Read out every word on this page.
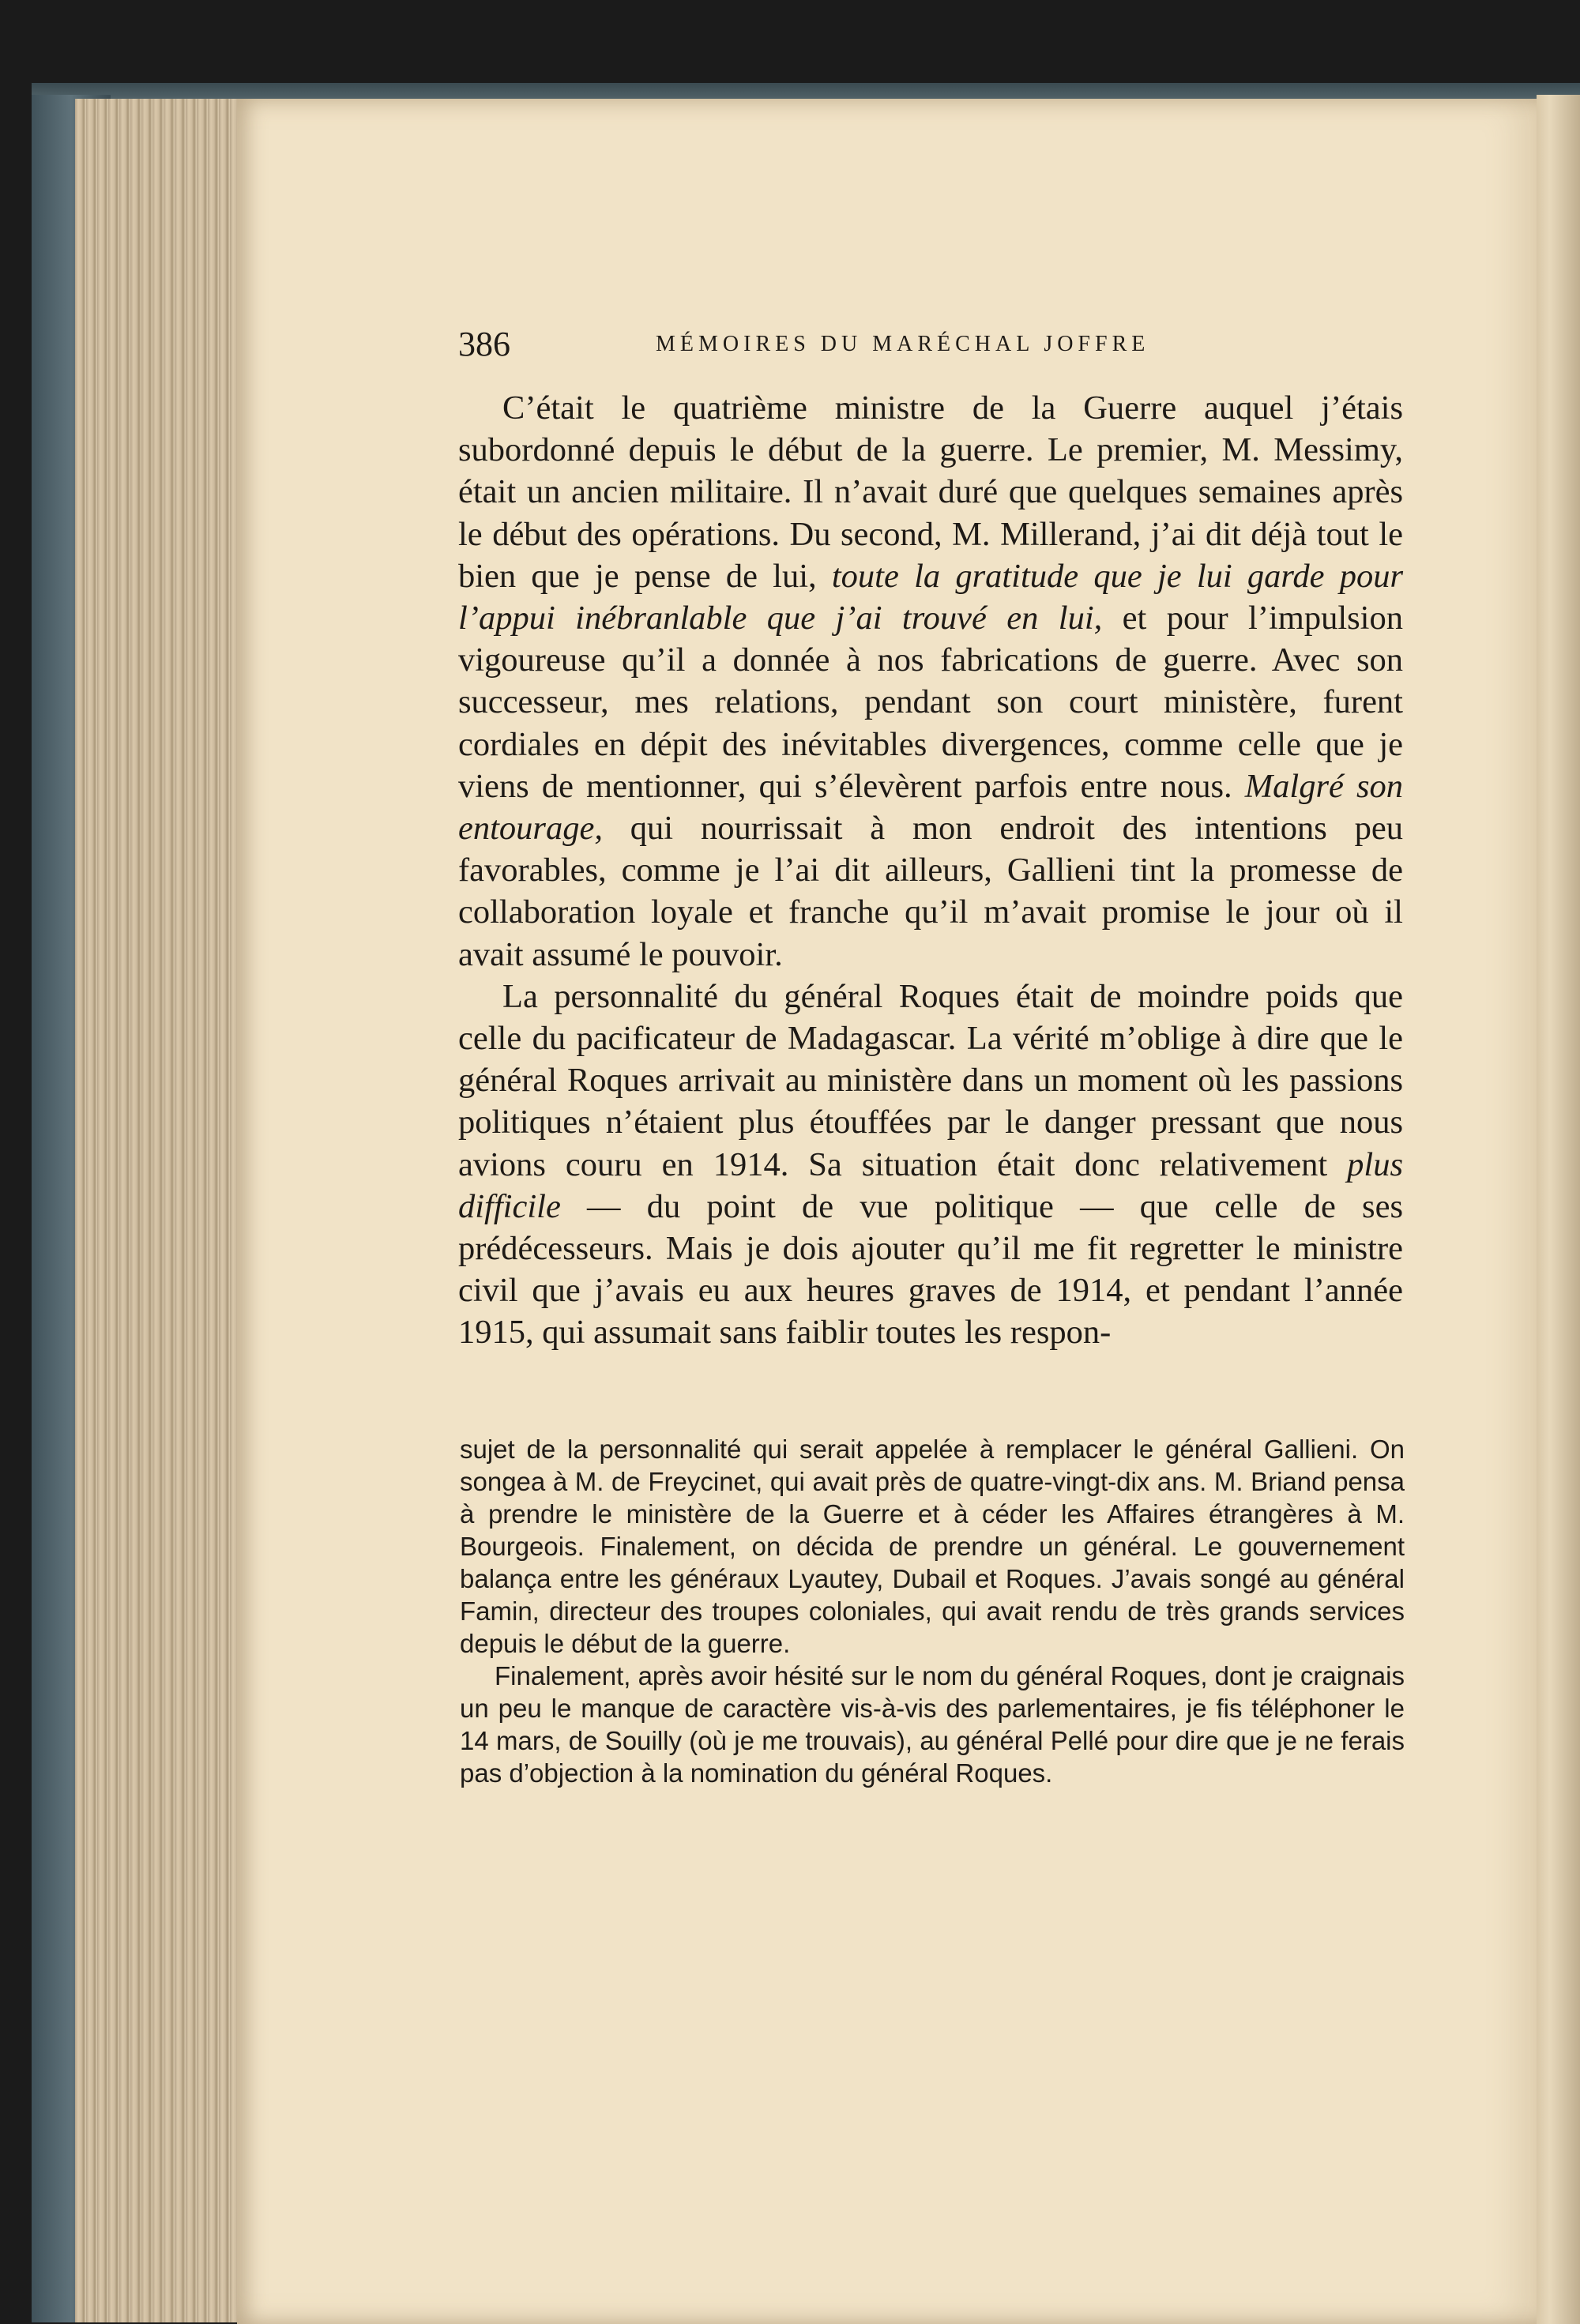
386	MÉMOIRES DU MARÉCHAL JOFFRE

C’était le quatrième ministre de la Guerre auquel j’étais subordonné depuis le début de la guerre. Le premier, M. Messimy, était un ancien militaire. Il n’avait duré que quelques semaines après le début des opérations. Du second, M. Millerand, j’ai dit déjà tout le bien que je pense de lui, toute la gratitude que je lui garde pour l’appui inébranlable que j’ai trouvé en lui, et pour l’impulsion vigoureuse qu’il a donnée à nos fabrications de guerre. Avec son successeur, mes relations, pendant son court ministère, furent cordiales en dépit des inévitables divergences, comme celle que je viens de mentionner, qui s’élevèrent parfois entre nous. Malgré son entourage, qui nourrissait à mon endroit des intentions peu favorables, comme je l’ai dit ailleurs, Gallieni tint la promesse de collaboration loyale et franche qu’il m’avait promise le jour où il avait assumé le pouvoir.

La personnalité du général Roques était de moindre poids que celle du pacificateur de Madagascar. La vérité m’oblige à dire que le général Roques arrivait au ministère dans un moment où les passions politiques n’étaient plus étouffées par le danger pressant que nous avions couru en 1914. Sa situation était donc relativement plus difficile — du point de vue politique — que celle de ses prédécesseurs. Mais je dois ajouter qu’il me fit regretter le ministre civil que j’avais eu aux heures graves de 1914, et pendant l’année 1915, qui assumait sans faiblir toutes les respon-

sujet de la personnalité qui serait appelée à remplacer le général Gallieni. On songea à M. de Freycinet, qui avait près de quatre-vingt-dix ans. M. Briand pensa à prendre le ministère de la Guerre et à céder les Affaires étrangères à M. Bourgeois. Finalement, on décida de prendre un général. Le gouvernement balança entre les généraux Lyautey, Dubail et Roques. J’avais songé au général Famin, directeur des troupes coloniales, qui avait rendu de très grands services depuis le début de la guerre.

Finalement, après avoir hésité sur le nom du général Roques, dont je craignais un peu le manque de caractère vis-à-vis des parlementaires, je fis téléphoner le 14 mars, de Souilly (où je me trouvais), au général Pellé pour dire que je ne ferais pas d’objection à la nomination du général Roques.
